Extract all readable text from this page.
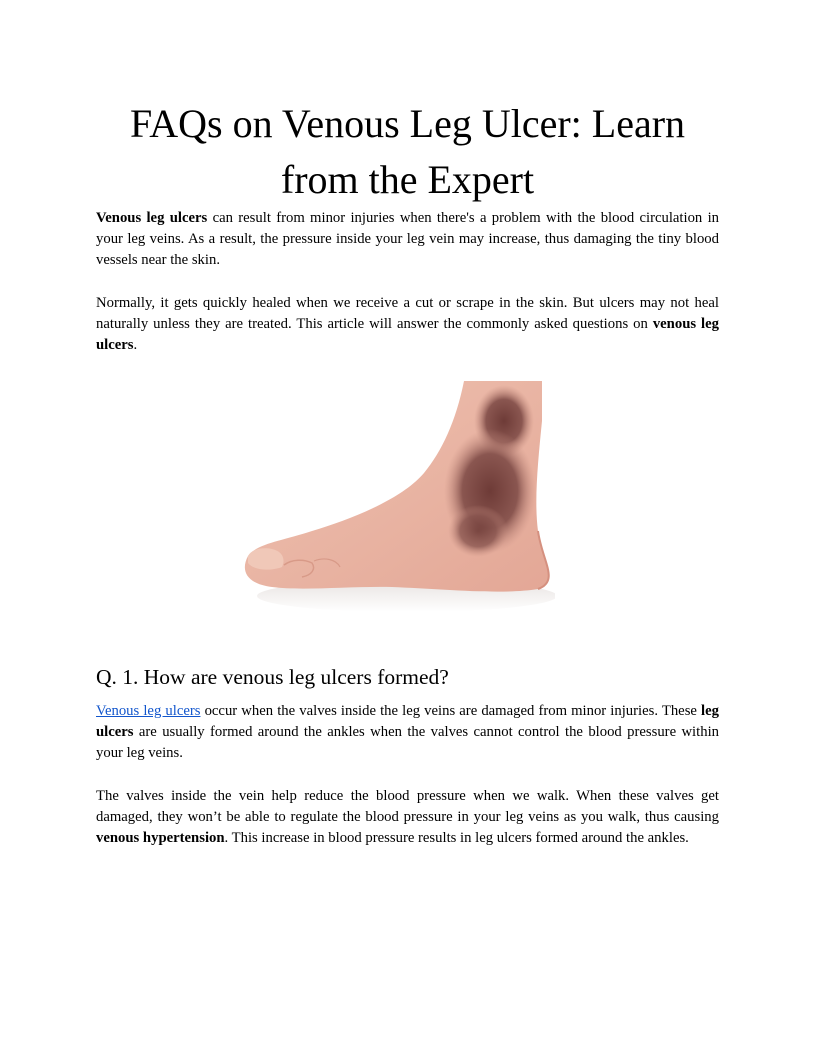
FAQs on Venous Leg Ulcer: Learn from the Expert

Venous leg ulcers can result from minor injuries when there's a problem with the blood circulation in your leg veins. As a result, the pressure inside your leg vein may increase, thus damaging the tiny blood vessels near the skin.

Normally, it gets quickly healed when we receive a cut or scrape in the skin. But ulcers may not heal naturally unless they are treated. This article will answer the commonly asked questions on venous leg ulcers.

Q. 1. How are venous leg ulcers formed?

Venous leg ulcers occur when the valves inside the leg veins are damaged from minor injuries. These leg ulcers are usually formed around the ankles when the valves cannot control the blood pressure within your leg veins.

The valves inside the vein help reduce the blood pressure when we walk. When these valves get damaged, they won’t be able to regulate the blood pressure in your leg veins as you walk, thus causing venous hypertension. This increase in blood pressure results in leg ulcers formed around the ankles.
